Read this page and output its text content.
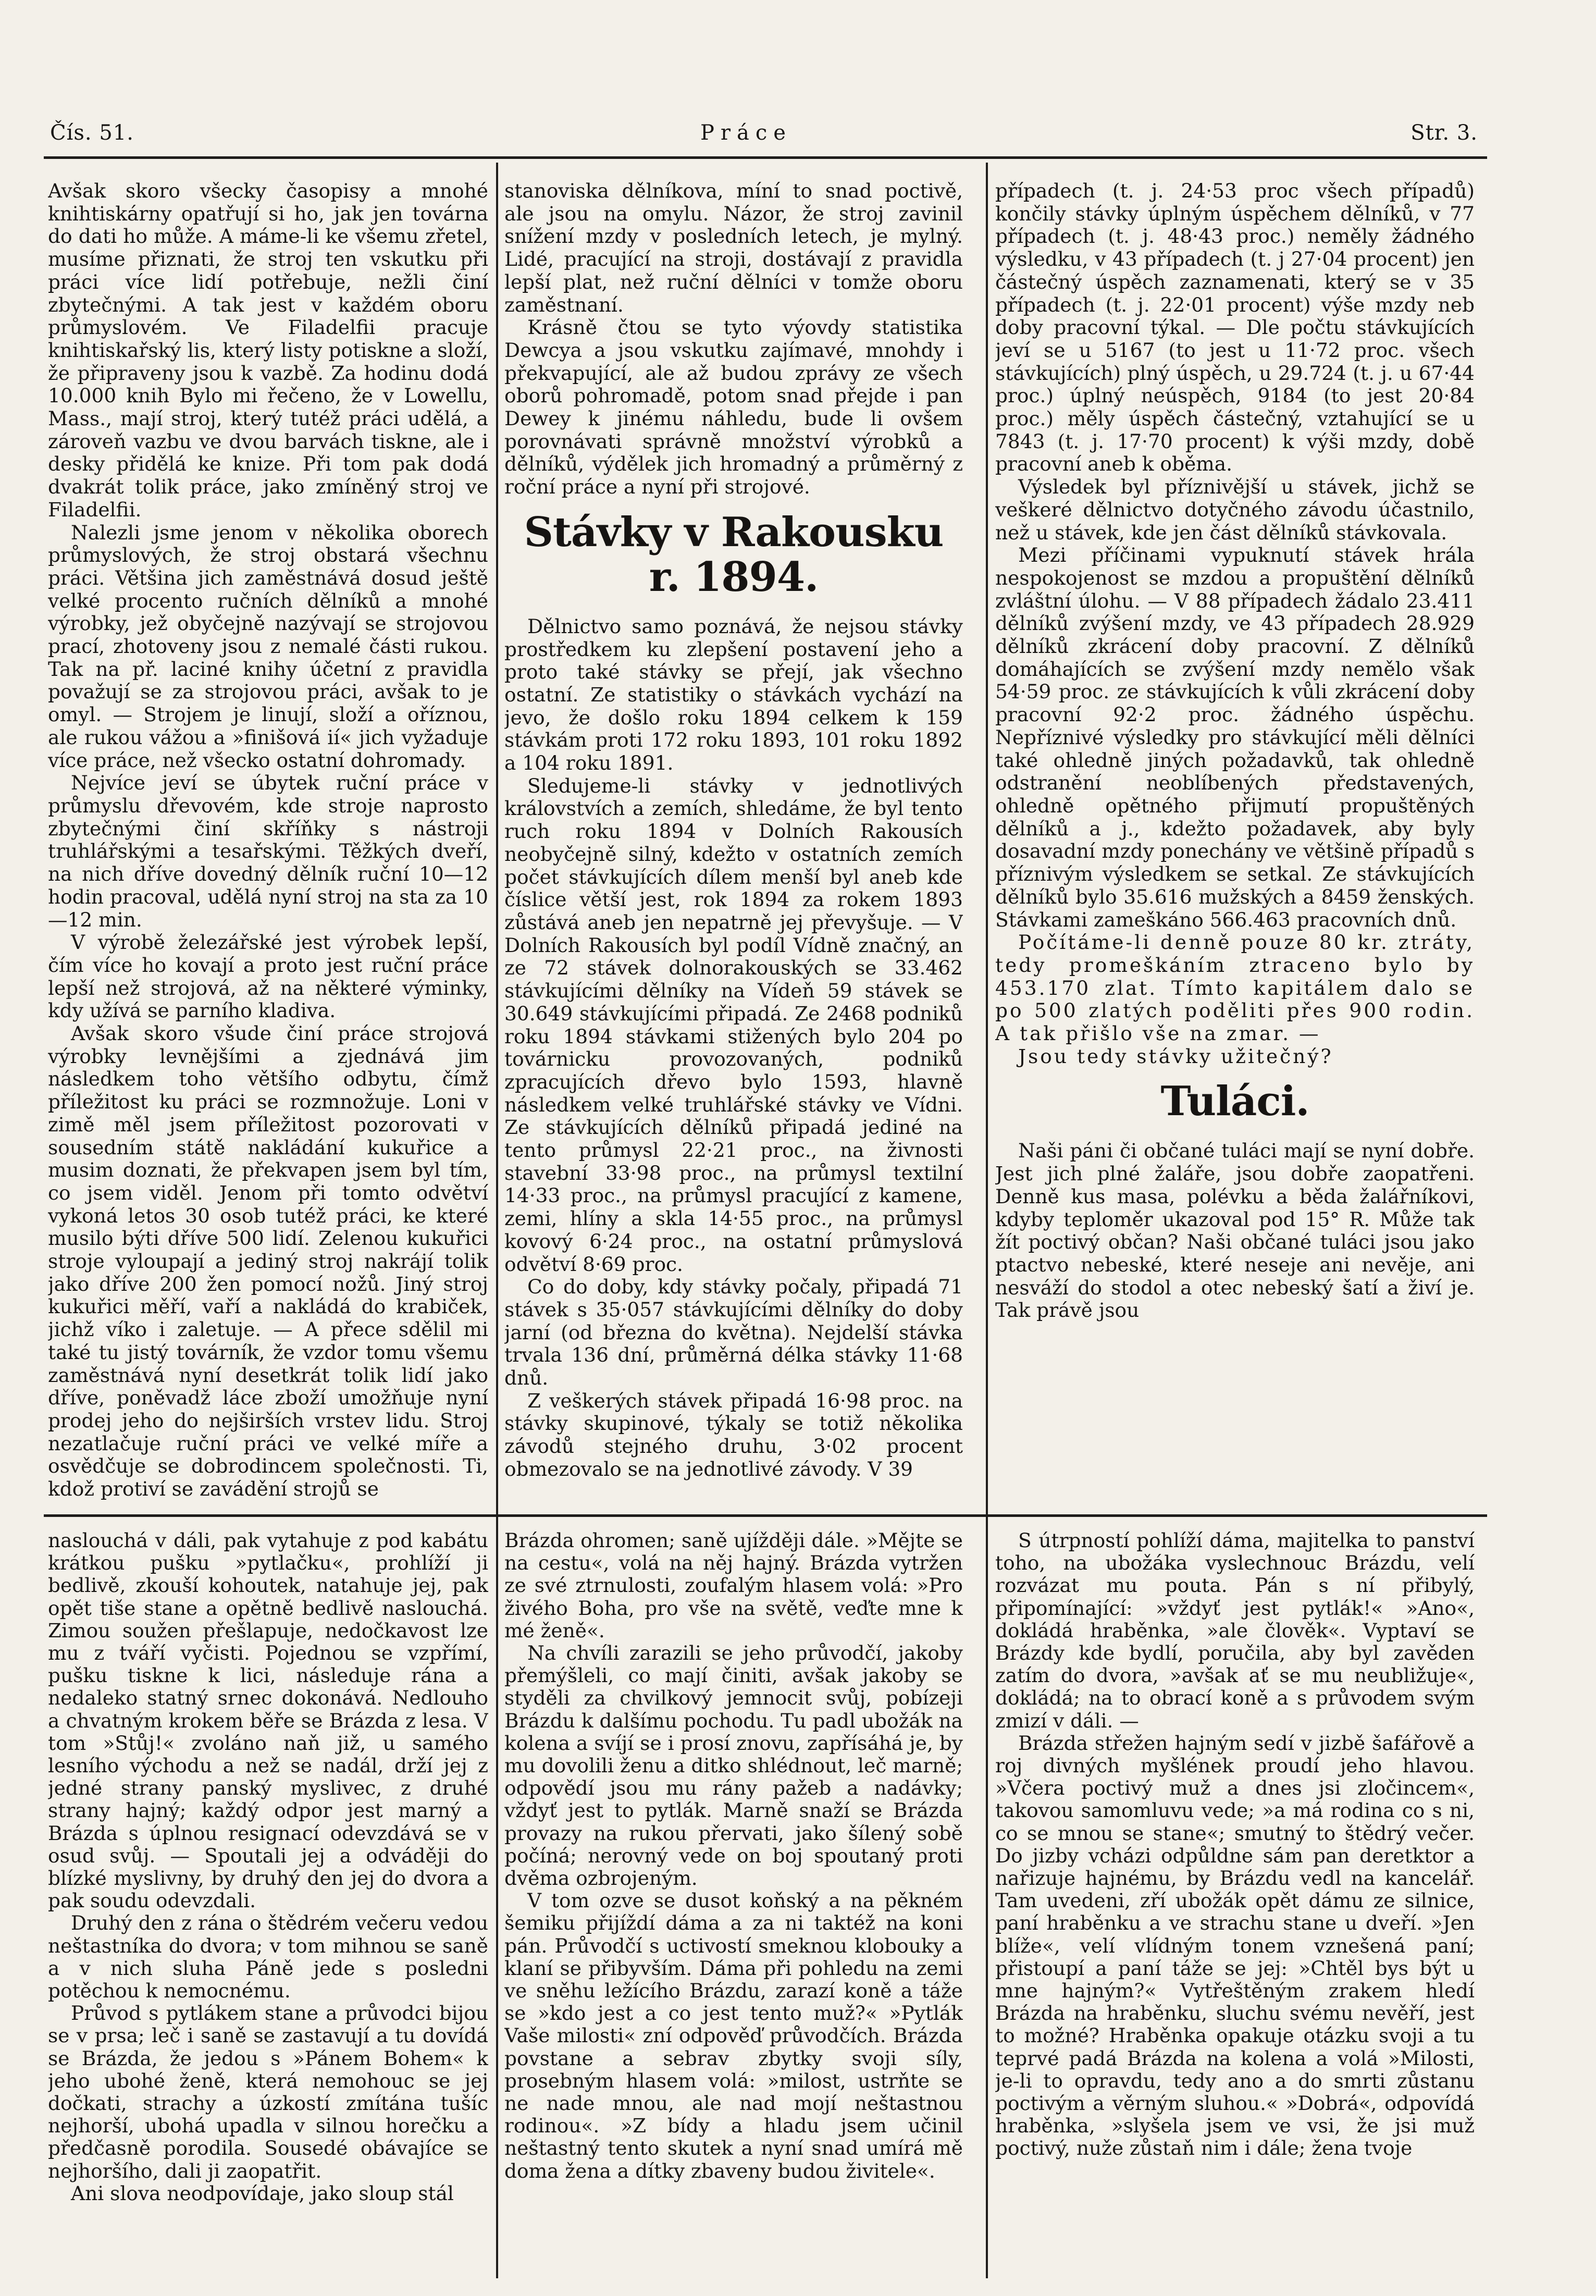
Čís. 51.	Práce	Str. 3.

Avšak skoro všecky časopisy a mnohé knihtiskárny opatřují si ho, jak jen továrna do dati ho může. A máme-li ke všemu zřetel, musíme přiznati, že stroj ten vskutku při práci více lidí potřebuje, nežli činí zbytečnými. A tak jest v každém oboru průmyslovém. Ve Filadelfii pracuje knihtiskařský lis, který listy potiskne a složí, že připraveny jsou k vazbě. Za hodinu dodá 10.000 knih Bylo mi řečeno, že v Lowellu, Mass., mají stroj, který tutéž práci udělá, a zároveň vazbu ve dvou barvách tiskne, ale i desky přidělá ke knize. Při tom pak dodá dvakrát tolik práce, jako zmíněný stroj ve Filadelfii.

Nalezli jsme jenom v několika oborech průmyslových, že stroj obstará všechnu práci. Většina jich zaměstnává dosud ještě velké procento ručních dělníků a mnohé výrobky, jež obyčejně nazývají se strojovou prací, zhotoveny jsou z nemalé části rukou. Tak na př. laciné knihy účetní z pravidla považují se za strojovou práci, avšak to je omyl. — Strojem je linují, složí a oříznou, ale rukou vážou a »finišová ií« jich vyžaduje více práce, než všecko ostatní dohromady.

Nejvíce jeví se úbytek ruční práce v průmyslu dřevovém, kde stroje naprosto zbytečnými činí skříňky s nástroji truhlářskými a tesařskými. Těžkých dveří, na nich dříve dovedný dělník ruční 10—12 hodin pracoval, udělá nyní stroj na sta za 10—12 min.

V výrobě železářské jest výrobek lepší, čím více ho kovají a proto jest ruční práce lepší než strojová, až na některé výminky, kdy užívá se parního kladiva.

Avšak skoro všude činí práce strojová výrobky levnějšími a zjednává jim následkem toho většího odbytu, čímž příležitost ku práci se rozmnožuje. Loni v zimě měl jsem příležitost pozorovati v sousedním státě nakládání kukuřice a musim doznati, že překvapen jsem byl tím, co jsem viděl. Jenom při tomto odvětví vykoná letos 30 osob tutéž práci, ke které musilo býti dříve 500 lidí. Zelenou kukuřici stroje vyloupají a jediný stroj nakrájí tolik jako dříve 200 žen pomocí nožů. Jiný stroj kukuřici měří, vaří a nakládá do krabiček, jichž víko i zaletuje. — A přece sdělil mi také tu jistý továrník, že vzdor tomu všemu zaměstnává nyní desetkrát tolik lidí jako dříve, poněvadž láce zboží umožňuje nyní prodej jeho do nejširších vrstev lidu. Stroj nezatlačuje ruční práci ve velké míře a osvědčuje se dobrodincem společnosti. Ti, kdož protiví se zavádění strojů se

stanoviska dělníkova, míní to snad poctivě, ale jsou na omylu. Názor, že stroj zavinil snížení mzdy v posledních letech, je mylný. Lidé, pracující na stroji, dostávají z pravidla lepší plat, než ruční dělníci v tomže oboru zaměstnaní.

Krásně čtou se tyto výovdy statistika Dewcya a jsou vskutku zajímavé, mnohdy i překvapující, ale až budou zprávy ze všech oborů pohromadě, potom snad přejde i pan Dewey k jinému náhledu, bude li ovšem porovnávati správně množství výrobků a dělníků, výdělek jich hromadný a průměrný z roční práce a nyní při strojové.

Stávky v Rakousku r. 1894.

Dělnictvo samo poznává, že nejsou stávky prostředkem ku zlepšení postavení jeho a proto také stávky se přejí, jak všechno ostatní. Ze statistiky o stávkách vychází na jevo, že došlo roku 1894 celkem k 159 stávkám proti 172 roku 1893, 101 roku 1892 a 104 roku 1891.

Sledujeme-li stávky v jednotlivých královstvích a zemích, shledáme, že byl tento ruch roku 1894 v Dolních Rakousích neobyčejně silný, kdežto v ostatních zemích počet stávkujících dílem menší byl aneb kde číslice větší jest, rok 1894 za rokem 1893 zůstává aneb jen nepatrně jej převyšuje. — V Dolních Rakousích byl podíl Vídně značný, an ze 72 stávek dolnorakouských se 33.462 stávkujícími dělníky na Vídeň 59 stávek se 30.649 stávkujícími připadá. Ze 2468 podniků roku 1894 stávkami stižených bylo 204 po továrnicku provozovaných, podniků zpracujících dřevo bylo 1593, hlavně následkem velké truhlářské stávky ve Vídni. Ze stávkujících dělníků připadá jediné na tento průmysl 22·21 proc., na živnosti stavební 33·98 proc., na průmysl textilní 14·33 proc., na průmysl pracující z kamene, zemi, hlíny a skla 14·55 proc., na průmysl kovový 6·24 proc., na ostatní průmyslová odvětví 8·69 proc.

Co do doby, kdy stávky počaly, připadá 71 stávek s 35·057 stávkujícími dělníky do doby jarní (od března do května). Nejdelší stávka trvala 136 dní, průměrná délka stávky 11·68 dnů.

Z veškerých stávek připadá 16·98 proc. na stávky skupinové, týkaly se totiž několika závodů stejného druhu, 3·02 procent obmezovalo se na jednotlivé závody. V 39

případech (t. j. 24·53 proc všech případů) končily stávky úplným úspěchem dělníků, v 77 případech (t. j. 48·43 proc.) neměly žádného výsledku, v 43 případech (t. j 27·04 procent) jen částečný úspěch zaznamenati, který se v 35 případech (t. j. 22·01 procent) výše mzdy neb doby pracovní týkal. — Dle počtu stávkujících jeví se u 5167 (to jest u 11·72 proc. všech stávkujících) plný úspěch, u 29.724 (t. j. u 67·44 proc.) úplný neúspěch, 9184 (to jest 20·84 proc.) měly úspěch částečný, vztahující se u 7843 (t. j. 17·70 procent) k výši mzdy, době pracovní aneb k oběma.

Výsledek byl příznivější u stávek, jichž se veškeré dělnictvo dotyčného závodu účastnilo, než u stávek, kde jen část dělníků stávkovala.

Mezi příčinami vypuknutí stávek hrála nespokojenost se mzdou a propuštění dělníků zvláštní úlohu. — V 88 případech žádalo 23.411 dělníků zvýšení mzdy, ve 43 případech 28.929 dělníků zkrácení doby pracovní. Z dělníků domáhajících se zvýšení mzdy nemělo však 54·59 proc. ze stávkujících k vůli zkrácení doby pracovní 92·2 proc. žádného úspěchu. Nepříznivé výsledky pro stávkující měli dělníci také ohledně jiných požadavků, tak ohledně odstranění neoblíbených představených, ohledně opětného přijmutí propuštěných dělníků a j., kdežto požadavek, aby byly dosavadní mzdy ponechány ve většině případů s příznivým výsledkem se setkal. Ze stávkujících dělníků bylo 35.616 mužských a 8459 ženských. Stávkami zameškáno 566.463 pracovních dnů.

Počítáme-li denně pouze 80 kr. ztráty, tedy promeškáním ztraceno bylo by 453.170 zlat. Tímto kapitálem dalo se po 500 zlatých poděliti přes 900 rodin. A tak přišlo vše na zmar. —

Jsou tedy stávky užitečný?

Tuláci.

Naši páni či občané tuláci mají se nyní dobře. Jest jich plné žaláře, jsou dobře zaopatřeni. Denně kus masa, polévku a běda žalářníkovi, kdyby teploměr ukazoval pod 15° R. Může tak žít poctivý občan? Naši občané tuláci jsou jako ptactvo nebeské, které neseje ani nevěje, ani nesváží do stodol a otec nebeský šatí a živí je. Tak právě jsou

naslouchá v dáli, pak vytahuje z pod kabátu krátkou pušku »pytlačku«, prohlíží ji bedlivě, zkouší kohoutek, natahuje jej, pak opět tiše stane a opětně bedlivě naslouchá. Zimou soužen přešlapuje, nedočkavost lze mu z tváří vyčisti. Pojednou se vzpřímí, pušku tiskne k lici, následuje rána a nedaleko statný srnec dokonává. Nedlouho a chvatným krokem běře se Brázda z lesa. V tom »Stůj!« zvoláno naň již, u samého lesního východu a než se nadál, drží jej z jedné strany panský myslivec, z druhé strany hajný; každý odpor jest marný a Brázda s úplnou resignací odevzdává se v osud svůj. — Spoutali jej a odváději do blízké myslivny, by druhý den jej do dvora a pak soudu odevzdali.

Druhý den z rána o štědrém večeru vedou neštastníka do dvora; v tom mihnou se saně a v nich sluha Páně jede s posledni potěchou k nemocnému.

Průvod s pytlákem stane a průvodci bijou se v prsa; leč i saně se zastavují a tu dovídá se Brázda, že jedou s »Pánem Bohem« k jeho ubohé ženě, která nemohouc se jej dočkati, strachy a úzkostí zmítána tušíc nejhorší, ubohá upadla v silnou horečku a předčasně porodila. Sousedé obávajíce se nejhoršího, dali ji zaopatřit.

Ani slova neodpovídaje, jako sloup stál

Brázda ohromen; saně ujížději dále. »Mějte se na cestu«, volá na něj hajný. Brázda vytržen ze své ztrnulosti, zoufalým hlasem volá: »Pro živého Boha, pro vše na světě, veďte mne k mé ženě«.

Na chvíli zarazili se jeho průvodčí, jakoby přemýšleli, co mají činiti, avšak jakoby se styděli za chvilkový jemnocit svůj, pobízeji Brázdu k dalšímu pochodu. Tu padl ubožák na kolena a svíjí se i prosí znovu, zapřísáhá je, by mu dovolili ženu a ditko shlédnout, leč marně; odpovědí jsou mu rány pažeb a nadávky; vždyť jest to pytlák. Marně snaží se Brázda provazy na rukou přervati, jako šílený sobě počíná; nerovný vede on boj spoutaný proti dvěma ozbrojeným.

V tom ozve se dusot koňský a na pěkném šemiku přijíždí dáma a za ni taktéž na koni pán. Průvodčí s uctivostí smeknou klobouky a klaní se přibyvším. Dáma při pohledu na zemi ve sněhu ležícího Brázdu, zarazí koně a táže se »kdo jest a co jest tento muž?« »Pytlák Vaše milosti« zní odpověď průvodčích. Brázda povstane a sebrav zbytky svoji síly, prosebným hlasem volá: »milost, ustrňte se ne nade mnou, ale nad mojí neštastnou rodinou«. »Z bídy a hladu jsem učinil neštastný tento skutek a nyní snad umírá mě doma žena a dítky zbaveny budou živitele«.

S útrpností pohlíží dáma, majitelka to panství toho, na ubožáka vyslechnouc Brázdu, velí rozvázat mu pouta. Pán s ní přibylý, připomínající: »vždyť jest pytlák!« »Ano«, dokládá hraběnka, »ale člověk«. Vyptaví se Brázdy kde bydlí, poručila, aby byl zavěden zatím do dvora, »avšak ať se mu neubližuje«, dokládá; na to obrací koně a s průvodem svým zmizí v dáli. —

Brázda střežen hajným sedí v jizbě šafářově a roj divných myšlének proudí jeho hlavou. »Včera poctivý muž a dnes jsi zločincem«, takovou samomluvu vede; »a má rodina co s ni, co se mnou se stane«; smutný to štědrý večer. Do jizby vcházi odpůldne sám pan deretktor a nařizuje hajnému, by Brázdu vedl na kancelář. Tam uvedeni, zří ubožák opět dámu ze silnice, paní hraběnku a ve strachu stane u dveří. »Jen blíže«, velí vlídným tonem vznešená paní; přistoupí a paní táže se jej: »Chtěl bys být u mne hajným?« Vytřeštěným zrakem hledí Brázda na hraběnku, sluchu svému nevěří, jest to možné? Hraběnka opakuje otázku svoji a tu teprvé padá Brázda na kolena a volá »Milosti, je-li to opravdu, tedy ano a do smrti zůstanu poctivým a věrným sluhou.« »Dobrá«, odpovídá hraběnka, »slyšela jsem ve vsi, že jsi muž poctivý, nuže zůstaň nim i dále; žena tvoje
